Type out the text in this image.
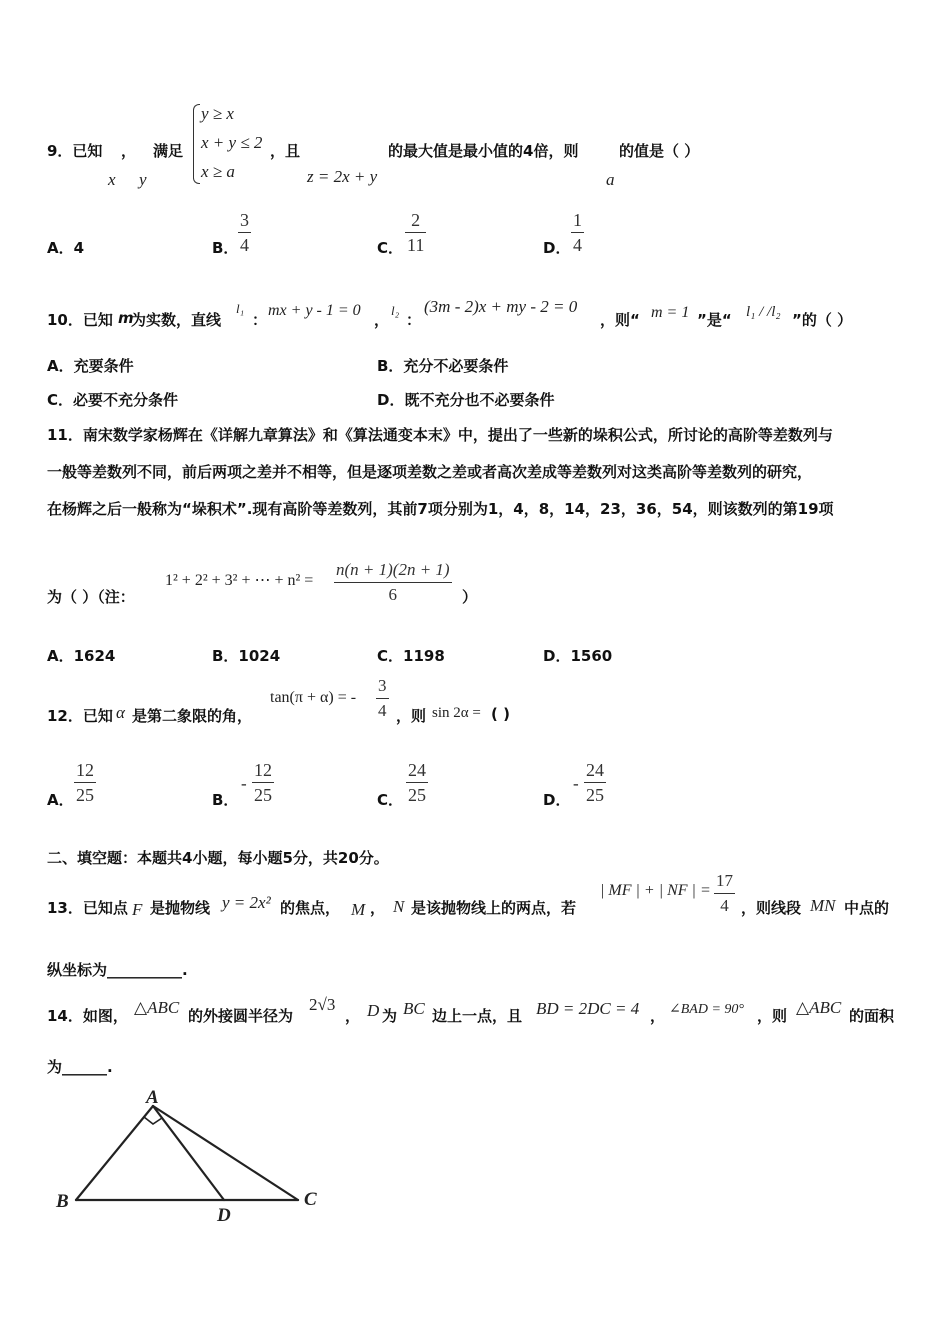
9．已知 ， 满足
x y
y ≥ x
x + y ≤ 2
x ≥ a
，且
z = 2x + y
的最大值是最小值的4倍，则
a
的值是（ ）
A．4	B．
3
4	C．
2
11	D．
1
4
10．已知 m
为实数，直线
l₁
：
mx + y - 1 = 0
，
l₂
：
(3m - 2)x + my - 2 = 0
，则“ m = 1 ”是“ l₁ / /l₂ ”的（ ）
A．充要条件	B．充分不必要条件
C．必要不充分条件	D．既不充分也不必要条件
11．南宋数学家杨辉在《详解九章算法》和《算法通变本末》中，提出了一些新的垛积公式，所讨论的高阶等差数列与
一般等差数列不同，前后两项之差并不相等，但是逐项差数之差或者高次差成等差数列对这类高阶等差数列的研究，
在杨辉之后一般称为“垛积术”.现有高阶等差数列，其前7项分别为1，4，8，14，23，36，54，则该数列的第19项
为（ ）（注：
1² + 2² + 3² + ⋯ + n² =
n(n + 1)(2n + 1)
6	）
A．1624	B．1024	C．1198	D．1560
12．已知 α 是第二象限的角，
tan(π + α) = -
3
4 ，则 sin 2α = ( )
A．
12
25	B．
-
12
25	C．
24
25	D．
-
24
25
二、填空题：本题共4小题，每小题5分，共20分。
13．已知点 F 是抛物线 y = 2x² 的焦点， M ， N 是该抛物线上的两点，若
| MF | + | NF | =
17
4 ，则线段 MN 中点的
纵坐标为__________.
14．如图， △ABC 的外接圆半径为
2√3
， D 为 BC 边上一点，且 BD = 2DC = 4 ， ∠BAD = 90° ，则 △ABC 的面积
为______.
A
B	C
D
